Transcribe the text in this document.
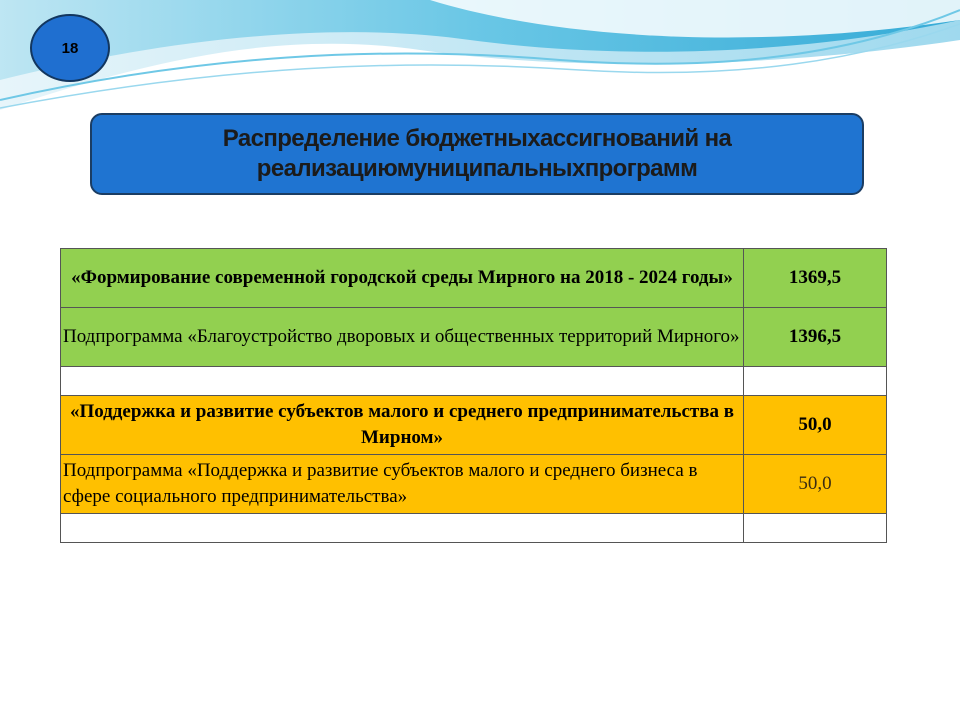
18
Распределение бюджетныхассигнований на реализациюмуниципальныхпрограмм
«Формирование современной городской среды Мирного на 2018 - 2024 годы»	1369,5
Подпрограмма «Благоустройство дворовых и общественных территорий Мирного»	1396,5

«Поддержка и развитие субъектов малого и среднего предпринимательства в Мирном»	50,0
Подпрограмма «Поддержка и развитие субъектов малого и среднего бизнеса в сфере социального предпринимательства»	50,0
